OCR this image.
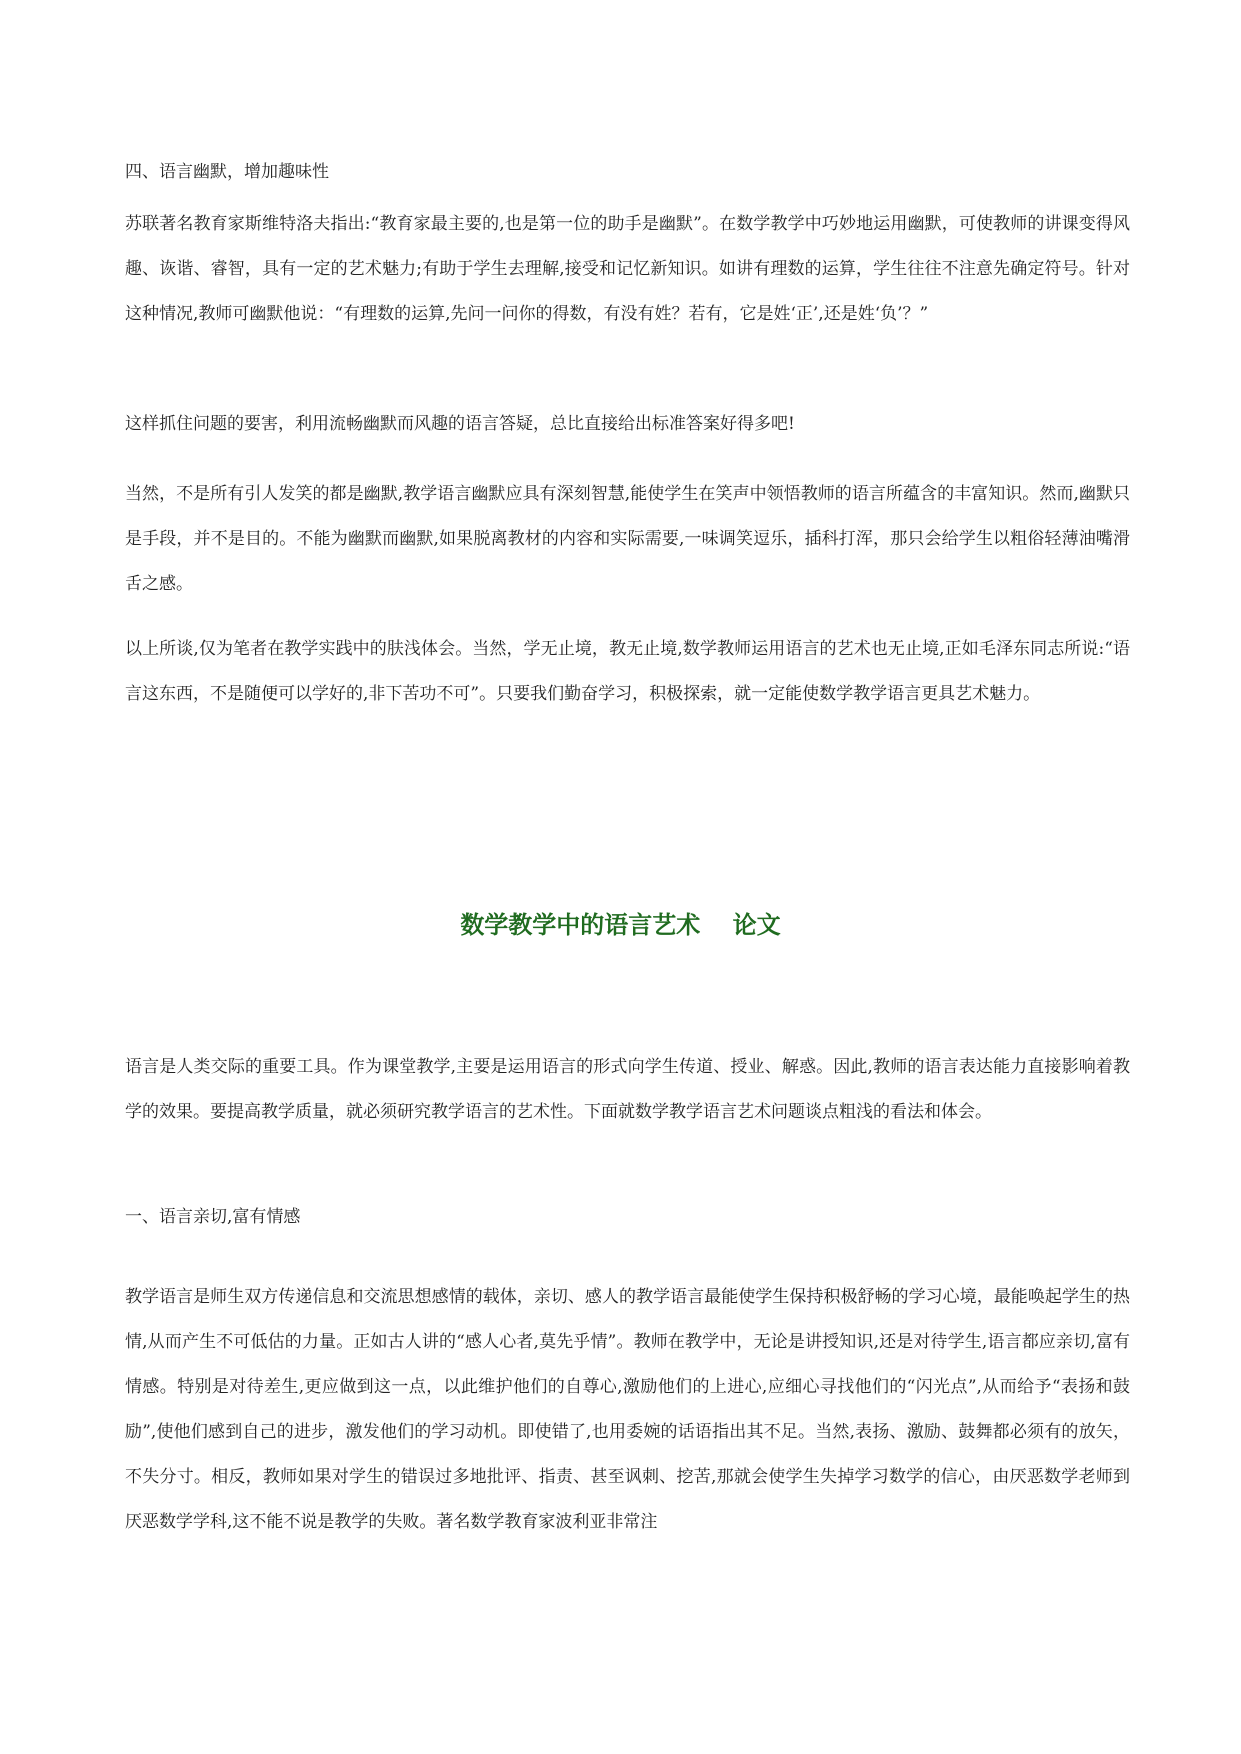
四、语言幽默，增加趣味性

苏联著名教育家斯维特洛夫指出:“教育家最主要的,也是第一位的助手是幽默”。在数学教学中巧妙地运用幽默，可使教师的讲课变得风趣、诙谐、睿智，具有一定的艺术魅力;有助于学生去理解,接受和记忆新知识。如讲有理数的运算，学生往往不注意先确定符号。针对这种情况,教师可幽默他说：“有理数的运算,先问一问你的得数，有没有姓？若有，它是姓‘正’,还是姓‘负’？”

这样抓住问题的要害，利用流畅幽默而风趣的语言答疑，总比直接给出标准答案好得多吧!

当然，不是所有引人发笑的都是幽默,教学语言幽默应具有深刻智慧,能使学生在笑声中领悟教师的语言所蕴含的丰富知识。然而,幽默只是手段，并不是目的。不能为幽默而幽默,如果脱离教材的内容和实际需要,一味调笑逗乐，插科打浑，那只会给学生以粗俗轻薄油嘴滑舌之感。

以上所谈,仅为笔者在教学实践中的肤浅体会。当然，学无止境，教无止境,数学教师运用语言的艺术也无止境,正如毛泽东同志所说:“语言这东西，不是随便可以学好的,非下苦功不可”。只要我们勤奋学习，积极探索，就一定能使数学教学语言更具艺术魅力。

数学教学中的语言艺术　 论文

语言是人类交际的重要工具。作为课堂教学,主要是运用语言的形式向学生传道、授业、解惑。因此,教师的语言表达能力直接影响着教学的效果。要提高教学质量，就必须研究教学语言的艺术性。下面就数学教学语言艺术问题谈点粗浅的看法和体会。

一、语言亲切,富有情感

教学语言是师生双方传递信息和交流思想感情的载体，亲切、感人的教学语言最能使学生保持积极舒畅的学习心境，最能唤起学生的热情,从而产生不可低估的力量。正如古人讲的“感人心者,莫先乎情”。教师在教学中，无论是讲授知识,还是对待学生,语言都应亲切,富有情感。特别是对待差生,更应做到这一点，以此维护他们的自尊心,激励他们的上进心,应细心寻找他们的“闪光点”,从而给予“表扬和鼓励”,使他们感到自己的进步，激发他们的学习动机。即使错了,也用委婉的话语指出其不足。当然,表扬、激励、鼓舞都必须有的放矢，不失分寸。相反，教师如果对学生的错误过多地批评、指责、甚至讽刺、挖苦,那就会使学生失掉学习数学的信心，由厌恶数学老师到厌恶数学学科,这不能不说是教学的失败。著名数学教育家波利亚非常注
